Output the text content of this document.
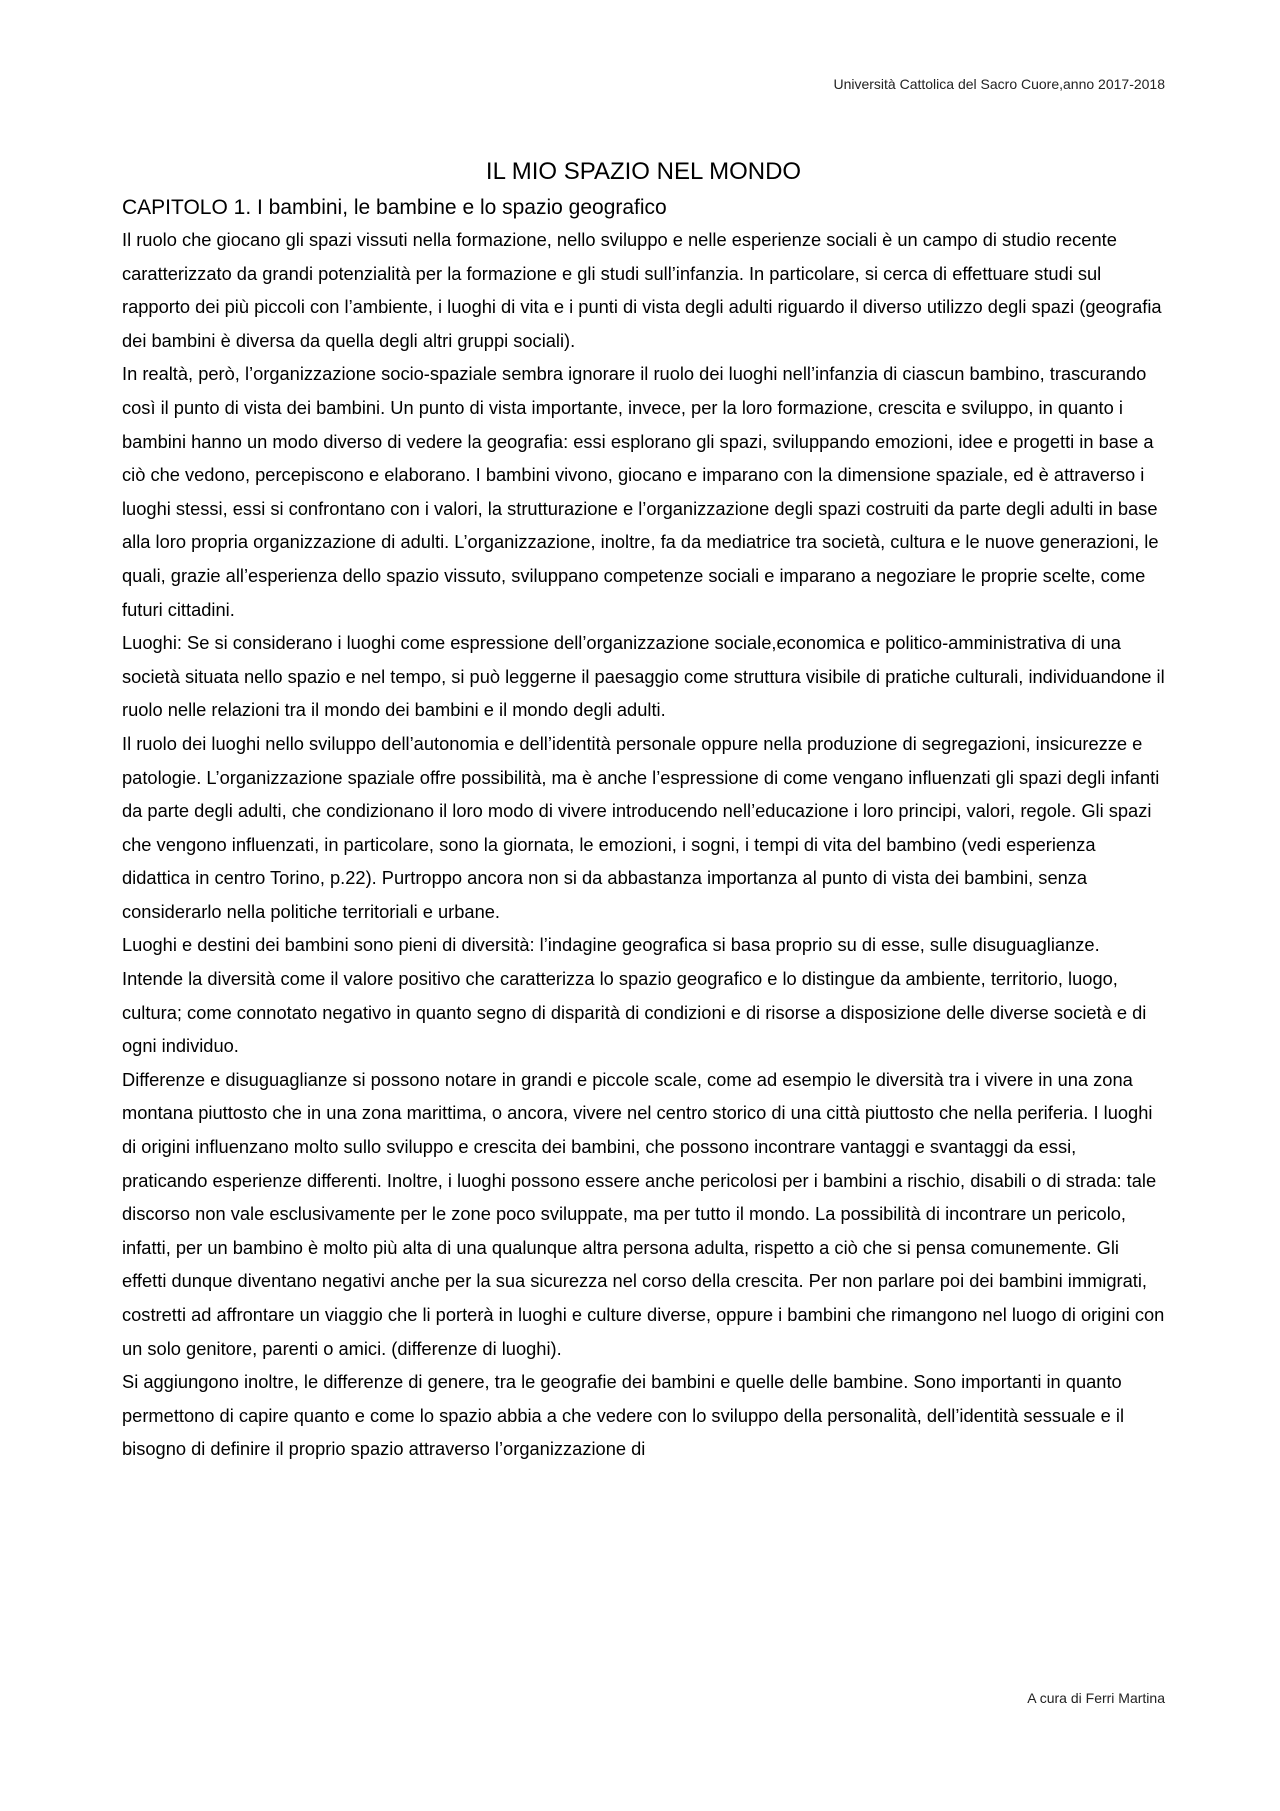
Università Cattolica del Sacro Cuore,anno 2017-2018
IL MIO SPAZIO NEL MONDO
CAPITOLO 1. I bambini, le bambine e lo spazio geografico

Il ruolo che giocano gli spazi vissuti nella formazione, nello sviluppo e nelle esperienze sociali è un campo di studio recente caratterizzato da grandi potenzialità per la formazione e gli studi sull’infanzia. In particolare, si cerca di effettuare studi sul rapporto dei più piccoli con l’ambiente, i luoghi di vita e i punti di vista degli adulti riguardo il diverso utilizzo degli spazi (geografia dei bambini è diversa da quella degli altri gruppi sociali).

In realtà, però, l’organizzazione socio-spaziale sembra ignorare il ruolo dei luoghi nell’infanzia di ciascun bambino, trascurando così il punto di vista dei bambini. Un punto di vista importante, invece, per la loro formazione, crescita e sviluppo, in quanto i bambini hanno un modo diverso di vedere la geografia: essi esplorano gli spazi, sviluppando emozioni, idee e progetti in base a ciò che vedono, percepiscono e elaborano. I bambini vivono, giocano e imparano con la dimensione spaziale, ed è attraverso i luoghi stessi, essi si confrontano con i valori, la strutturazione e l’organizzazione degli spazi costruiti da parte degli adulti in base alla loro propria organizzazione di adulti. L’organizzazione, inoltre, fa da mediatrice tra società, cultura e le nuove generazioni, le quali, grazie all’esperienza dello spazio vissuto, sviluppano competenze sociali e imparano a negoziare le proprie scelte, come futuri cittadini.

Luoghi: Se si considerano i luoghi come espressione dell’organizzazione sociale,economica e politico-amministrativa di una società situata nello spazio e nel tempo, si può leggerne il paesaggio come struttura visibile di pratiche culturali, individuandone il ruolo nelle relazioni tra il mondo dei bambini e il mondo degli adulti.

Il ruolo dei luoghi nello sviluppo dell’autonomia e dell’identità personale oppure nella produzione di segregazioni, insicurezze e patologie. L’organizzazione spaziale offre possibilità, ma è anche l’espressione di come vengano influenzati gli spazi degli infanti da parte degli adulti, che condizionano il loro modo di vivere introducendo nell’educazione i loro principi, valori, regole. Gli spazi che vengono influenzati, in particolare, sono la giornata, le emozioni, i sogni, i tempi di vita del bambino (vedi esperienza didattica in centro Torino, p.22). Purtroppo ancora non si da abbastanza importanza al punto di vista dei bambini, senza considerarlo nella politiche territoriali e urbane.

Luoghi e destini dei bambini sono pieni di diversità: l’indagine geografica si basa proprio su di esse, sulle disuguaglianze. Intende la diversità come il valore positivo che caratterizza lo spazio geografico e lo distingue da ambiente, territorio, luogo, cultura; come connotato negativo in quanto segno di disparità di condizioni e di risorse a disposizione delle diverse società e di ogni individuo.

Differenze e disuguaglianze si possono notare in grandi e piccole scale, come ad esempio le diversità tra i vivere in una zona montana piuttosto che in una zona marittima, o ancora, vivere nel centro storico di una città piuttosto che nella periferia. I luoghi di origini influenzano molto sullo sviluppo e crescita dei bambini, che possono incontrare vantaggi e svantaggi da essi, praticando esperienze differenti. Inoltre, i luoghi possono essere anche pericolosi per i bambini a rischio, disabili o di strada: tale discorso non vale esclusivamente per le zone poco sviluppate, ma per tutto il mondo. La possibilità di incontrare un pericolo, infatti, per un bambino è molto più alta di una qualunque altra persona adulta, rispetto a ciò che si pensa comunemente. Gli effetti dunque diventano negativi anche per la sua sicurezza nel corso della crescita. Per non parlare poi dei bambini immigrati, costretti ad affrontare un viaggio che li porterà in luoghi e culture diverse, oppure i bambini che rimangono nel luogo di origini con un solo genitore, parenti o amici. (differenze di luoghi).

Si aggiungono inoltre, le differenze di genere, tra le geografie dei bambini e quelle delle bambine. Sono importanti in quanto permettono di capire quanto e come lo spazio abbia a che vedere con lo sviluppo della personalità, dell’identità sessuale e il bisogno di definire il proprio spazio attraverso l’organizzazione di

A cura di Ferri Martina
